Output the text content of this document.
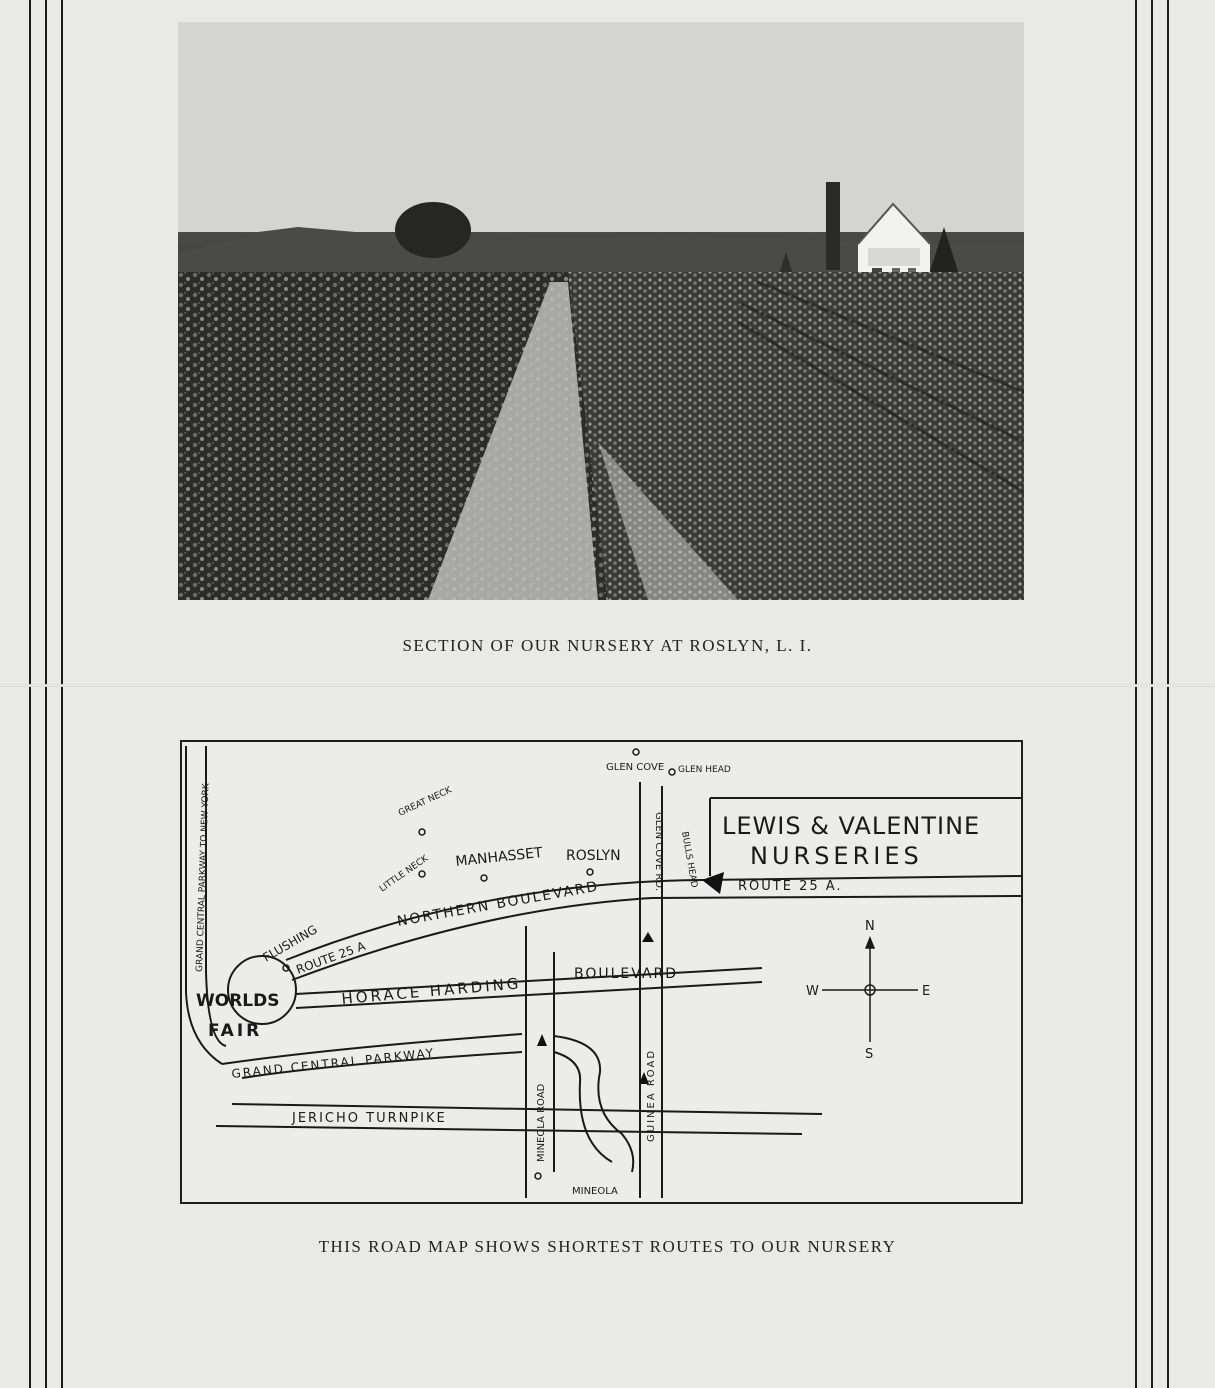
SECTION OF OUR NURSERY AT ROSLYN, L. I.
LEWIS & VALENTINE
NURSERIES
GLEN COVE GLEN HEAD
GREAT NECK
MANHASSET ROSLYN
LITTLE NECK
FLUSHING
GLEN COVE RD. BULLS HEAD	ROUTE 25 A.
ROUTE 25 A
NORTHERN BOULEVARD
HORACE HARDING
BOULEVARD
WORLDS
FAIR
GRAND CENTRAL PARKWAY TO NEW YORK
GRAND CENTRAL PARKWAY
JERICHO TURNPIKE	MINEOLA ROAD	GUINEA ROAD
MINEOLA
N
S
E
W
THIS ROAD MAP SHOWS SHORTEST ROUTES TO OUR NURSERY
